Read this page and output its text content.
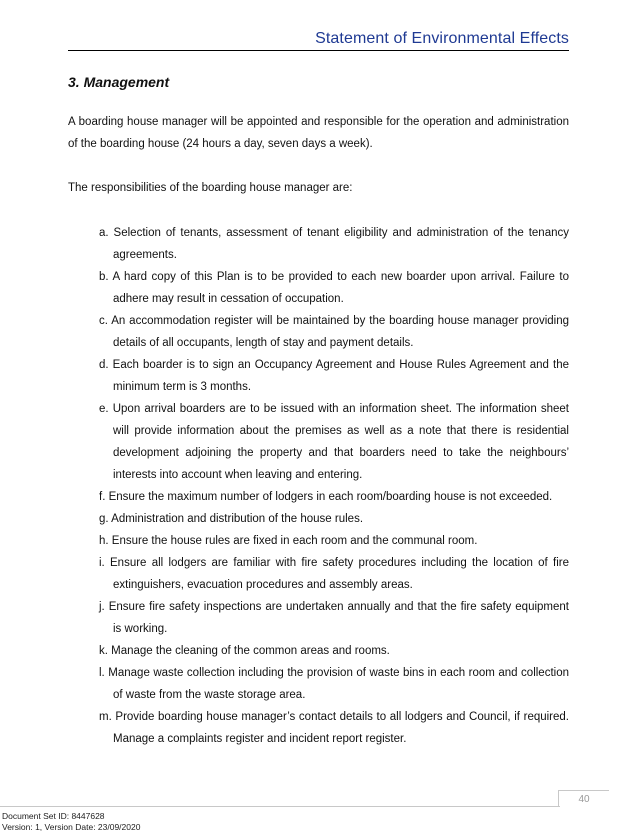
Statement of Environmental Effects
3. Management

A boarding house manager will be appointed and responsible for the operation and administration of the boarding house (24 hours a day, seven days a week).

The responsibilities of the boarding house manager are:

a. Selection of tenants, assessment of tenant eligibility and administration of the tenancy agreements.
b. A hard copy of this Plan is to be provided to each new boarder upon arrival. Failure to adhere may result in cessation of occupation.
c. An accommodation register will be maintained by the boarding house manager providing details of all occupants, length of stay and payment details.
d. Each boarder is to sign an Occupancy Agreement and House Rules Agreement and the minimum term is 3 months.
e. Upon arrival boarders are to be issued with an information sheet. The information sheet will provide information about the premises as well as a note that there is residential development adjoining the property and that boarders need to take the neighbours’ interests into account when leaving and entering.
f. Ensure the maximum number of lodgers in each room/boarding house is not exceeded.
g. Administration and distribution of the house rules.
h. Ensure the house rules are fixed in each room and the communal room.
i. Ensure all lodgers are familiar with fire safety procedures including the location of fire extinguishers, evacuation procedures and assembly areas.
j. Ensure fire safety inspections are undertaken annually and that the fire safety equipment is working.
k. Manage the cleaning of the common areas and rooms.
l. Manage waste collection including the provision of waste bins in each room and collection of waste from the waste storage area.
m. Provide boarding house manager’s contact details to all lodgers and Council, if required. Manage a complaints register and incident report register.
40
Document Set ID: 8447628
Version: 1, Version Date: 23/09/2020
